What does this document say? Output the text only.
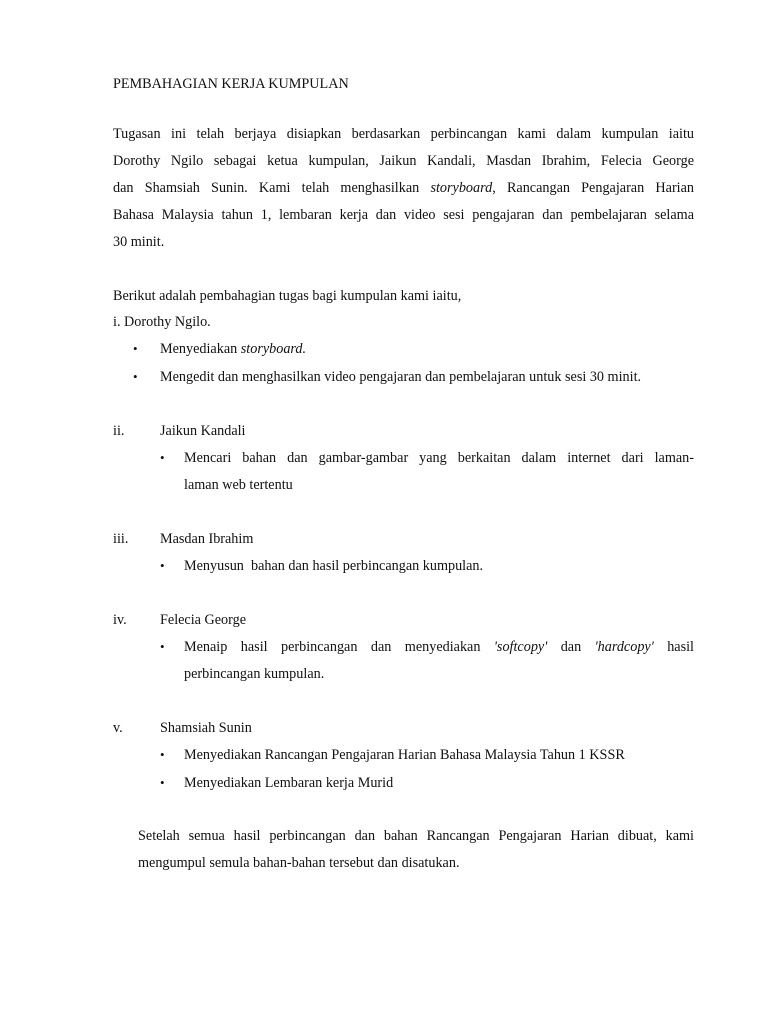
PEMBAHAGIAN KERJA KUMPULAN
Tugasan ini telah berjaya disiapkan berdasarkan perbincangan kami dalam kumpulan iaitu
Dorothy Ngilo sebagai ketua kumpulan, Jaikun Kandali, Masdan Ibrahim, Felecia George
dan Shamsiah Sunin. Kami telah menghasilkan storyboard, Rancangan Pengajaran Harian
Bahasa Malaysia tahun 1, lembaran kerja dan video sesi pengajaran dan pembelajaran selama
30 minit.
Berikut adalah pembahagian tugas bagi kumpulan kami iaitu,
i. Dorothy Ngilo.
• Menyediakan storyboard.
• Mengedit dan menghasilkan video pengajaran dan pembelajaran untuk sesi 30 minit.
ii.	Jaikun Kandali
• Mencari bahan dan gambar-gambar yang berkaitan dalam internet dari laman-
laman web tertentu
iii. Masdan Ibrahim
• Menyusun  bahan dan hasil perbincangan kumpulan.
iv. Felecia George
• Menaip hasil perbincangan dan menyediakan 'softcopy' dan 'hardcopy' hasil
perbincangan kumpulan.
v.	Shamsiah Sunin
• Menyediakan Rancangan Pengajaran Harian Bahasa Malaysia Tahun 1 KSSR
• Menyediakan Lembaran kerja Murid
Setelah semua hasil perbincangan dan bahan Rancangan Pengajaran Harian dibuat, kami
mengumpul semula bahan-bahan tersebut dan disatukan.
